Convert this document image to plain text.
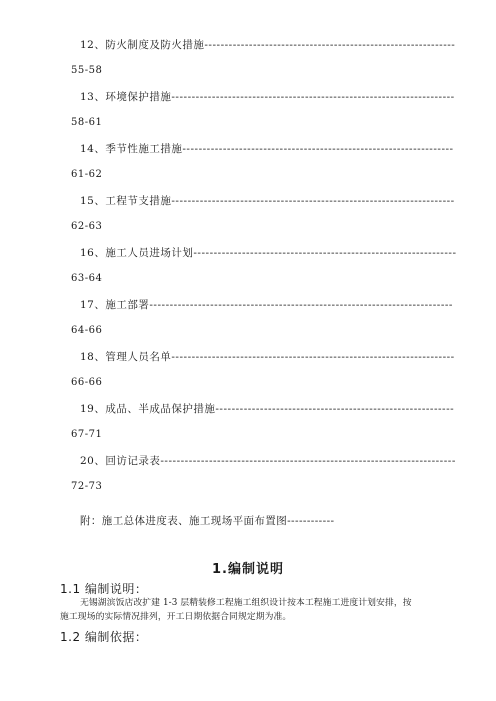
12、防火制度及防火措施--------------------------------------------------------------
55-58
13、环境保护措施----------------------------------------------------------------------
58-61
14、季节性施工措施-------------------------------------------------------------------
61-62
15、工程节支措施----------------------------------------------------------------------
62-63
16、施工人员进场计划-----------------------------------------------------------------
63-64
17、施工部署---------------------------------------------------------------------------
64-66
18、管理人员名单----------------------------------------------------------------------
66-66
19、成品、半成品保护措施-----------------------------------------------------------
67-71
20、回访记录表-------------------------------------------------------------------------
72-73
附：施工总体进度表、施工现场平面布置图------------
1.编制说明
1.1 编制说明：
无锡湖滨饭店改扩建 1-3 层精装修工程施工组织设计按本工程施工进度计划安排，按
施工现场的实际情况排列，开工日期依据合同规定期为准。
1.2 编制依据：
